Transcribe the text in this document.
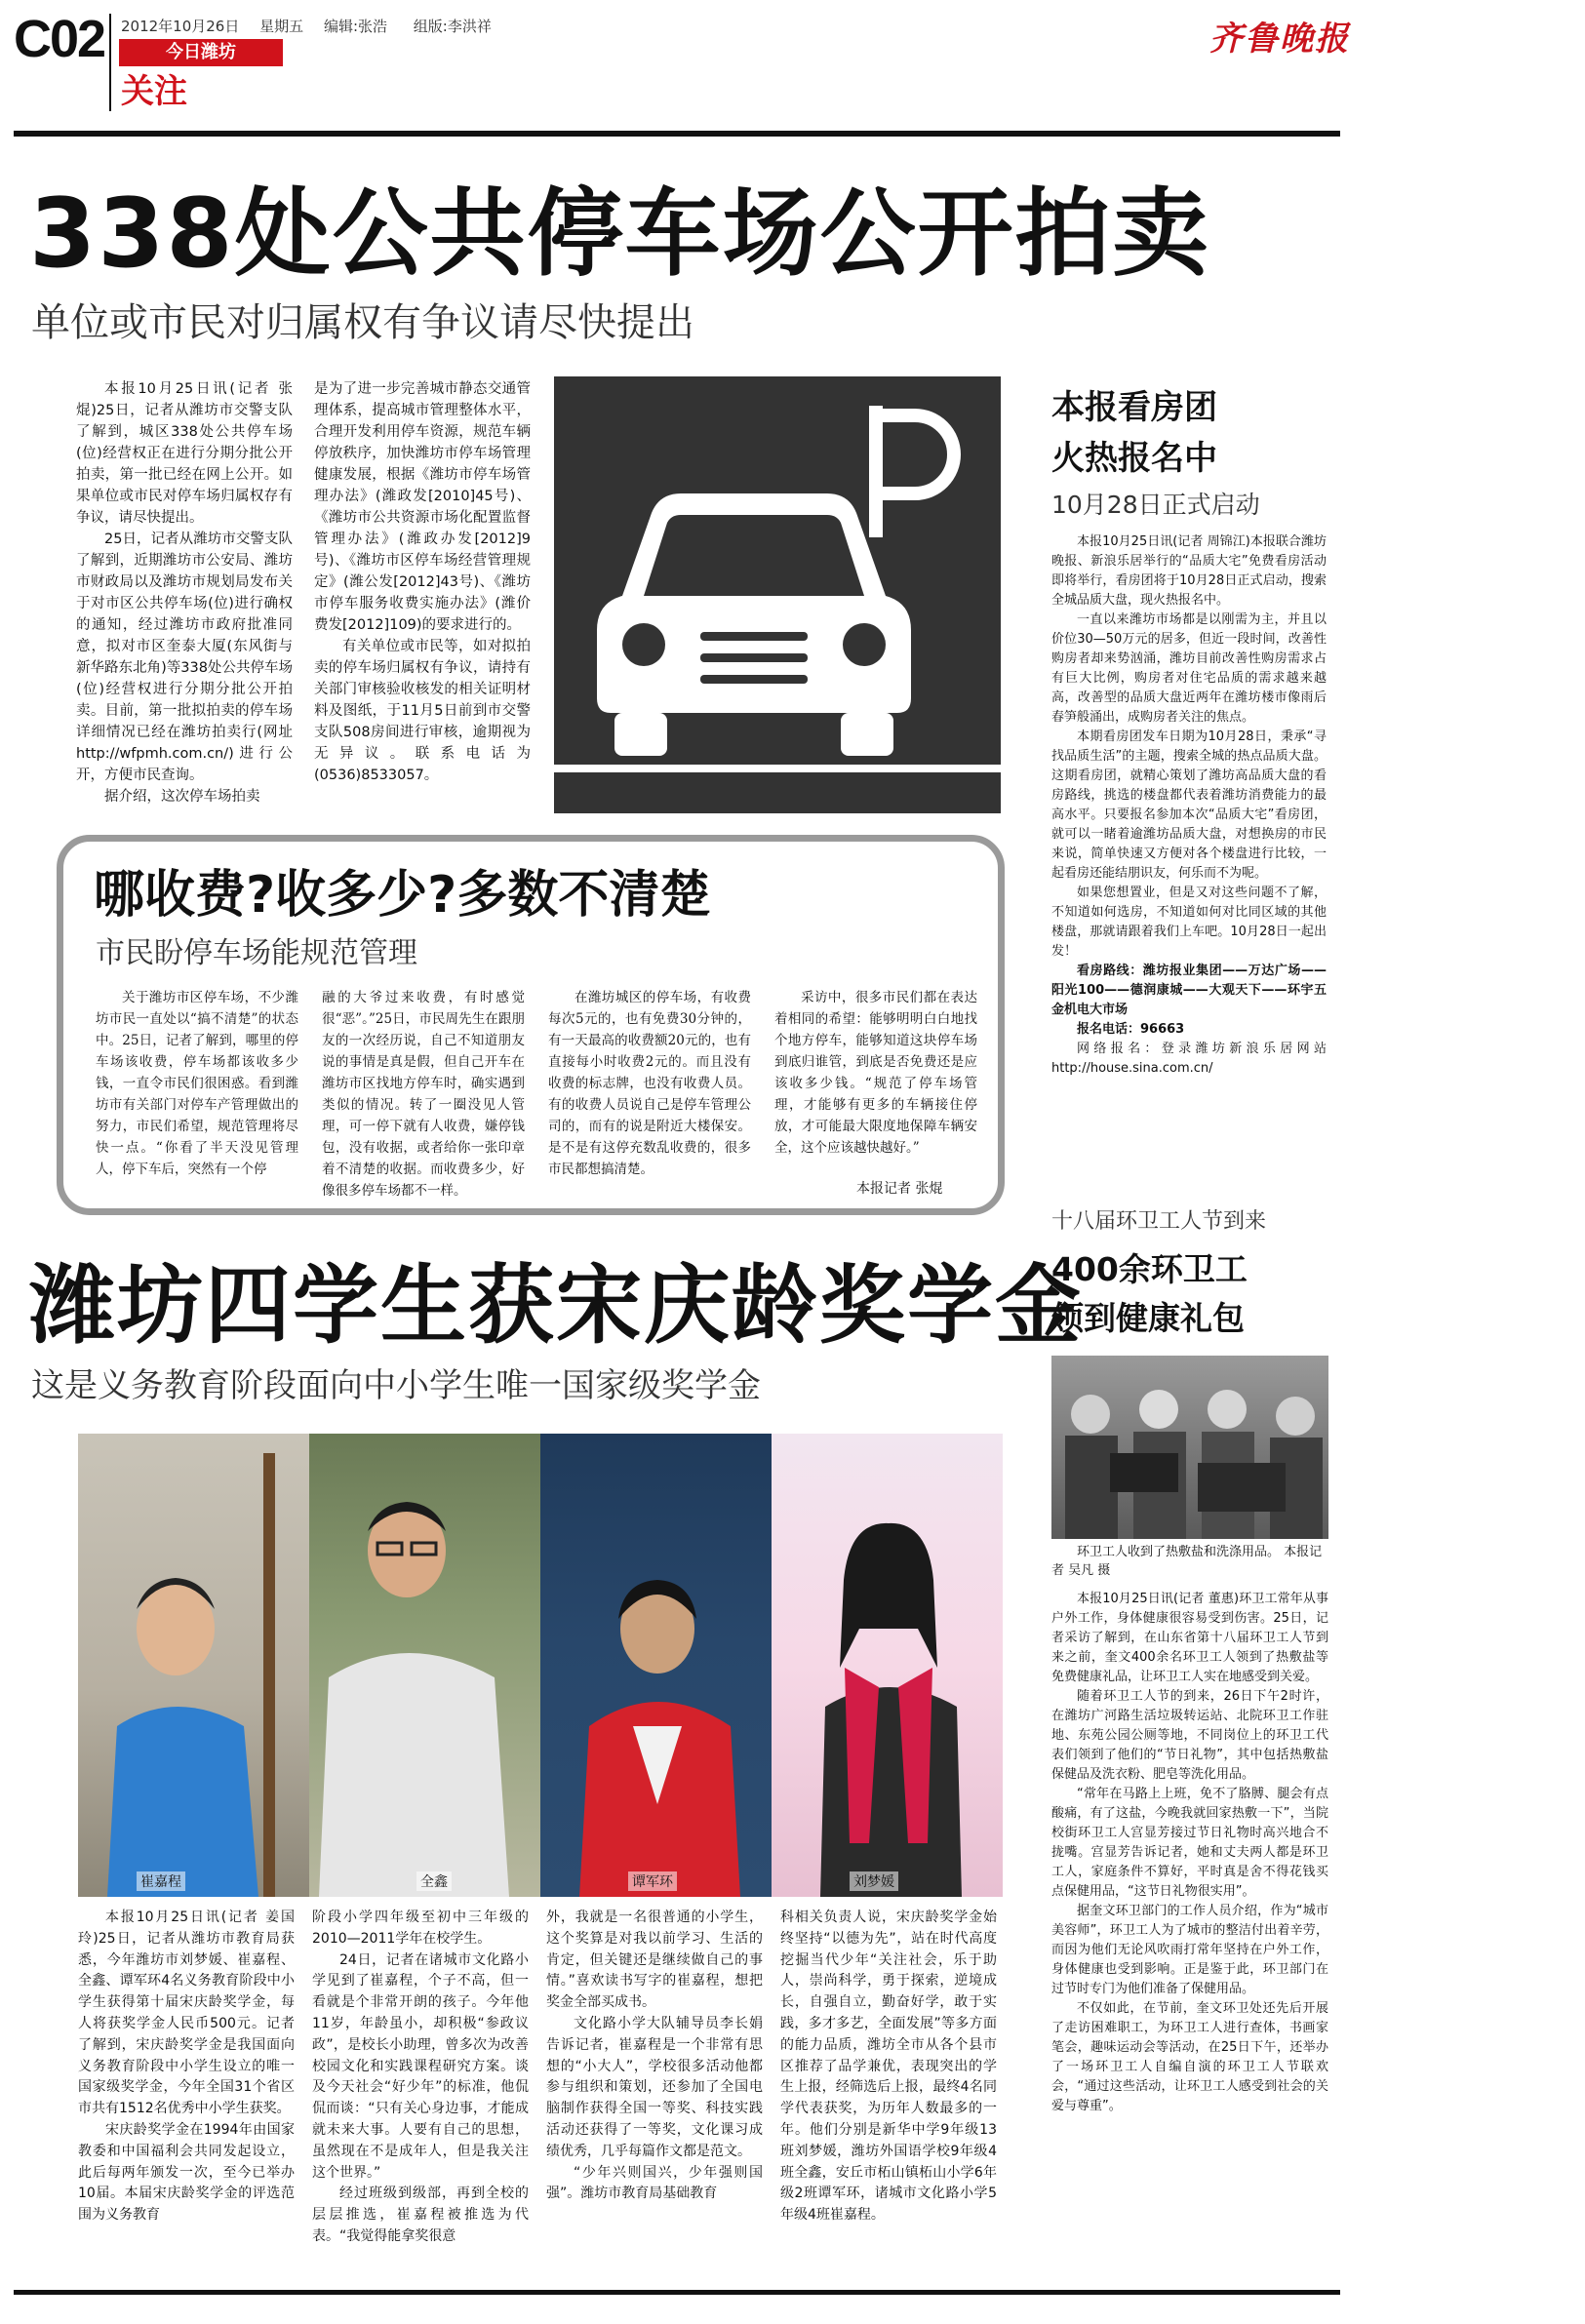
C02 2012年10月26日 星期五 编辑:张浩 组版:李洪祥
今日潍坊
关注
齐鲁晚报
338处公共停车场公开拍卖
单位或市民对归属权有争议请尽快提出

本报10月25日讯(记者 张焜)25日，记者从潍坊市交警支队了解到，城区338处公共停车场(位)经营权正在进行分期分批公开拍卖，第一批已经在网上公开。如果单位或市民对停车场归属权存有争议，请尽快提出。

25日，记者从潍坊市交警支队了解到，近期潍坊市公安局、潍坊市财政局以及潍坊市规划局发布关于对市区公共停车场(位)进行确权的通知，经过潍坊市政府批准同意，拟对市区奎泰大厦(东风街与新华路东北角)等338处公共停车场(位)经营权进行分期分批公开拍卖。目前，第一批拟拍卖的停车场详细情况已经在潍坊拍卖行(网址http://wfpmh.com.cn/)进行公开，方便市民查询。

据介绍，这次停车场拍卖

是为了进一步完善城市静态交通管理体系，提高城市管理整体水平，合理开发利用停车资源，规范车辆停放秩序，加快潍坊市停车场管理健康发展，根据《潍坊市停车场管理办法》(潍政发[2010]45号)、《潍坊市公共资源市场化配置监督管理办法》(潍政办发[2012]9号)、《潍坊市区停车场经营管理规定》(潍公发[2012]43号)、《潍坊市停车服务收费实施办法》(潍价费发[2012]109)的要求进行的。

有关单位或市民等，如对拟拍卖的停车场归属权有争议，请持有关部门审核验收核发的相关证明材料及图纸，于11月5日前到市交警支队508房间进行审核，逾期视为无异议。联系电话为(0536)8533057。

哪收费?收多少?多数不清楚
市民盼停车场能规范管理

关于潍坊市区停车场，不少潍坊市民一直处以“搞不清楚”的状态中。25日，记者了解到，哪里的停车场该收费，停车场都该收多少钱，一直令市民们很困惑。看到潍坊市有关部门对停车产管理做出的努力，市民们希望，规范管理将尽快一点。“你看了半天没见管理人，停下车后，突然有一个停

融的大爷过来收费，有时感觉很“恶”。”25日，市民周先生在跟朋友的一次经历说，自己不知道朋友说的事情是真是假，但自己开车在潍坊市区找地方停车时，确实遇到类似的情况。转了一圈没见人管理，可一停下就有人收费，嫌停钱包，没有收据，或者给你一张印章着不清楚的收据。而收费多少，好像很多停车场都不一样。

在潍坊城区的停车场，有收费每次5元的，也有免费30分钟的，有一天最高的收费额20元的，也有直接每小时收费2元的。而且没有收费的标志牌，也没有收费人员。有的收费人员说自己是停车管理公司的，而有的说是附近大楼保安。是不是有这停充数乱收费的，很多市民都想搞清楚。

采访中，很多市民们都在表达着相同的希望：能够明明白白地找个地方停车，能够知道这块停车场到底归谁管，到底是否免费还是应该收多少钱。“规范了停车场管理，才能够有更多的车辆接住停放，才可能最大限度地保障车辆安全，这个应该越快越好。”

本报记者 张焜
潍坊四学生获宋庆龄奖学金
这是义务教育阶段面向中小学生唯一国家级奖学金
崔嘉程	全鑫	谭军环	刘梦媛

本报10月25日讯(记者 姜国玲)25日，记者从潍坊市教育局获悉，今年潍坊市刘梦媛、崔嘉程、全鑫、谭军环4名义务教育阶段中小学生获得第十届宋庆龄奖学金，每人将获奖学金人民币500元。记者了解到，宋庆龄奖学金是我国面向义务教育阶段中小学生设立的唯一国家级奖学金，今年全国31个省区市共有1512名优秀中小学生获奖。

宋庆龄奖学金在1994年由国家教委和中国福利会共同发起设立，此后每两年颁发一次，至今已举办10届。本届宋庆龄奖学金的评选范围为义务教育

阶段小学四年级至初中三年级的2010—2011学年在校学生。

24日，记者在诸城市文化路小学见到了崔嘉程，个子不高，但一看就是个非常开朗的孩子。今年他11岁，年龄虽小，却积极“参政议政”，是校长小助理，曾多次为改善校园文化和实践课程研究方案。谈及今天社会“好少年”的标准，他侃侃而谈：“只有关心身边事，才能成就未来大事。人要有自己的思想，虽然现在不是成年人，但是我关注这个世界。”

经过班级到级部，再到全校的层层推选，崔嘉程被推选为代表。“我觉得能拿奖很意

外，我就是一名很普通的小学生，这个奖算是对我以前学习、生活的肯定，但关键还是继续做自己的事情。”喜欢读书写字的崔嘉程，想把奖金全部买成书。

文化路小学大队辅导员李长娟告诉记者，崔嘉程是一个非常有思想的“小大人”，学校很多活动他都参与组织和策划，还参加了全国电脑制作获得全国一等奖、科技实践活动还获得了一等奖，文化课习成绩优秀，几乎每篇作文都是范文。

“少年兴则国兴，少年强则国强”。潍坊市教育局基础教育

科相关负责人说，宋庆龄奖学金始终坚持“以德为先”，站在时代高度挖掘当代少年“关注社会，乐于助人，崇尚科学，勇于探索，逆境成长，自强自立，勤奋好学，敢于实践，多才多艺，全面发展”等多方面的能力品质，潍坊全市从各个县市区推荐了品学兼优，表现突出的学生上报，经筛选后上报，最终4名同学代表获奖，为历年人数最多的一年。他们分别是新华中学9年级13班刘梦媛，潍坊外国语学校9年级4班全鑫，安丘市柘山镇柘山小学6年级2班谭军环，诸城市文化路小学5年级4班崔嘉程。

本报看房团
火热报名中
10月28日正式启动

本报10月25日讯(记者 周锦江)本报联合潍坊晚报、新浪乐居举行的“品质大宅”免费看房活动即将举行，看房团将于10月28日正式启动，搜索全城品质大盘，现火热报名中。

一直以来潍坊市场都是以刚需为主，并且以价位30—50万元的居多，但近一段时间，改善性购房者却来势汹涌，潍坊目前改善性购房需求占有巨大比例，购房者对住宅品质的需求越来越高，改善型的品质大盘近两年在潍坊楼市像雨后春笋般涌出，成购房者关注的焦点。

本期看房团发车日期为10月28日，秉承“寻找品质生活”的主题，搜索全城的热点品质大盘。这期看房团，就精心策划了潍坊高品质大盘的看房路线，挑选的楼盘都代表着潍坊消费能力的最高水平。只要报名参加本次“品质大宅”看房团，就可以一睹着逾潍坊品质大盘，对想换房的市民来说，简单快速又方便对各个楼盘进行比较，一起看房还能结朋识友，何乐而不为呢。

如果您想置业，但是又对这些问题不了解，不知道如何选房，不知道如何对比同区域的其他楼盘，那就请跟着我们上车吧。10月28日一起出发！

看房路线：潍坊报业集团——万达广场——阳光100——德润康城——大观天下——环宇五金机电大市场

报名电话：96663

网络报名：登录潍坊新浪乐居网站http://house.sina.com.cn/

十八届环卫工人节到来
400余环卫工
领到健康礼包
环卫工人收到了热敷盐和洗涤用品。 本报记者 吴凡 摄

本报10月25日讯(记者 董惠)环卫工常年从事户外工作，身体健康很容易受到伤害。25日，记者采访了解到，在山东省第十八届环卫工人节到来之前，奎文400余名环卫工人领到了热敷盐等免费健康礼品，让环卫工人实在地感受到关爱。

随着环卫工人节的到来，26日下午2时许，在潍坊广河路生活垃圾转运站、北院环卫工作驻地、东苑公园公厕等地，不同岗位上的环卫工代表们领到了他们的“节日礼物”，其中包括热敷盐保健品及洗衣粉、肥皂等洗化用品。

“常年在马路上上班，免不了胳膊、腿会有点酸痛，有了这盐，今晚我就回家热敷一下”，当院校街环卫工人宫显芳接过节日礼物时高兴地合不拢嘴。宫显芳告诉记者，她和丈夫两人都是环卫工人，家庭条件不算好，平时真是舍不得花钱买点保健用品，“这节日礼物很实用”。

据奎文环卫部门的工作人员介绍，作为“城市美容师”，环卫工人为了城市的整洁付出着辛劳，而因为他们无论风吹雨打常年坚持在户外工作，身体健康也受到影响。正是鉴于此，环卫部门在过节时专门为他们准备了保健用品。

不仅如此，在节前，奎文环卫处还先后开展了走访困难职工，为环卫工人进行查体，书画家笔会，趣味运动会等活动，在25日下午，还举办了一场环卫工人自编自演的环卫工人节联欢会，“通过这些活动，让环卫工人感受到社会的关爱与尊重”。
